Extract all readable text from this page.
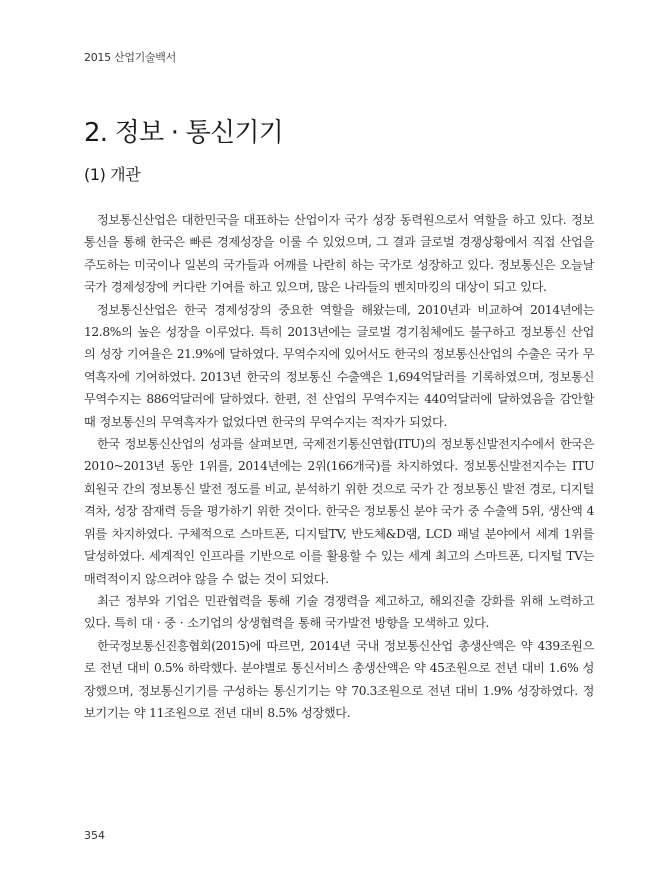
2015 산업기술백서
2. 정보 · 통신기기
(1) 개관

정보통신산업은 대한민국을 대표하는 산업이자 국가 성장 동력원으로서 역할을 하고 있다. 정보통신을 통해 한국은 빠른 경제성장을 이룰 수 있었으며, 그 결과 글로벌 경쟁상황에서 직접 산업을 주도하는 미국이나 일본의 국가들과 어깨를 나란히 하는 국가로 성장하고 있다. 정보통신은 오늘날 국가 경제성장에 커다란 기여를 하고 있으며, 많은 나라들의 벤치마킹의 대상이 되고 있다.

정보통신산업은 한국 경제성장의 중요한 역할을 해왔는데, 2010년과 비교하여 2014년에는 12.8%의 높은 성장을 이루었다. 특히 2013년에는 글로벌 경기침체에도 불구하고 정보통신 산업의 성장 기여율은 21.9%에 달하였다. 무역수지에 있어서도 한국의 정보통신산업의 수출은 국가 무역흑자에 기여하였다. 2013년 한국의 정보통신 수출액은 1,694억달러를 기록하였으며, 정보통신 무역수지는 886억달러에 달하였다. 한편, 전 산업의 무역수지는 440억달러에 달하였음을 감안할 때 정보통신의 무역흑자가 없었다면 한국의 무역수지는 적자가 되었다.

한국 정보통신산업의 성과를 살펴보면, 국제전기통신연합(ITU)의 정보통신발전지수에서 한국은 2010~2013년 동안 1위를, 2014년에는 2위(166개국)를 차지하였다. 정보통신발전지수는 ITU 회원국 간의 정보통신 발전 정도를 비교, 분석하기 위한 것으로 국가 간 정보통신 발전 경로, 디지털 격차, 성장 잠재력 등을 평가하기 위한 것이다. 한국은 정보통신 분야 국가 중 수출액 5위, 생산액 4위를 차지하였다. 구체적으로 스마트폰, 디지털TV, 반도체&D램, LCD 패널 분야에서 세계 1위를 달성하였다. 세계적인 인프라를 기반으로 이를 활용할 수 있는 세계 최고의 스마트폰, 디지털 TV는 매력적이지 않으려야 않을 수 없는 것이 되었다.

최근 정부와 기업은 민관협력을 통해 기술 경쟁력을 제고하고, 해외진출 강화를 위해 노력하고 있다. 특히 대 · 중 · 소기업의 상생협력을 통해 국가발전 방향을 모색하고 있다.

한국정보통신진흥협회(2015)에 따르면, 2014년 국내 정보통신산업 총생산액은 약 439조원으로 전년 대비 0.5% 하락했다. 분야별로 통신서비스 총생산액은 약 45조원으로 전년 대비 1.6% 성장했으며, 정보통신기기를 구성하는 통신기기는 약 70.3조원으로 전년 대비 1.9% 성장하였다. 정보기기는 약 11조원으로 전년 대비 8.5% 성장했다.

354
